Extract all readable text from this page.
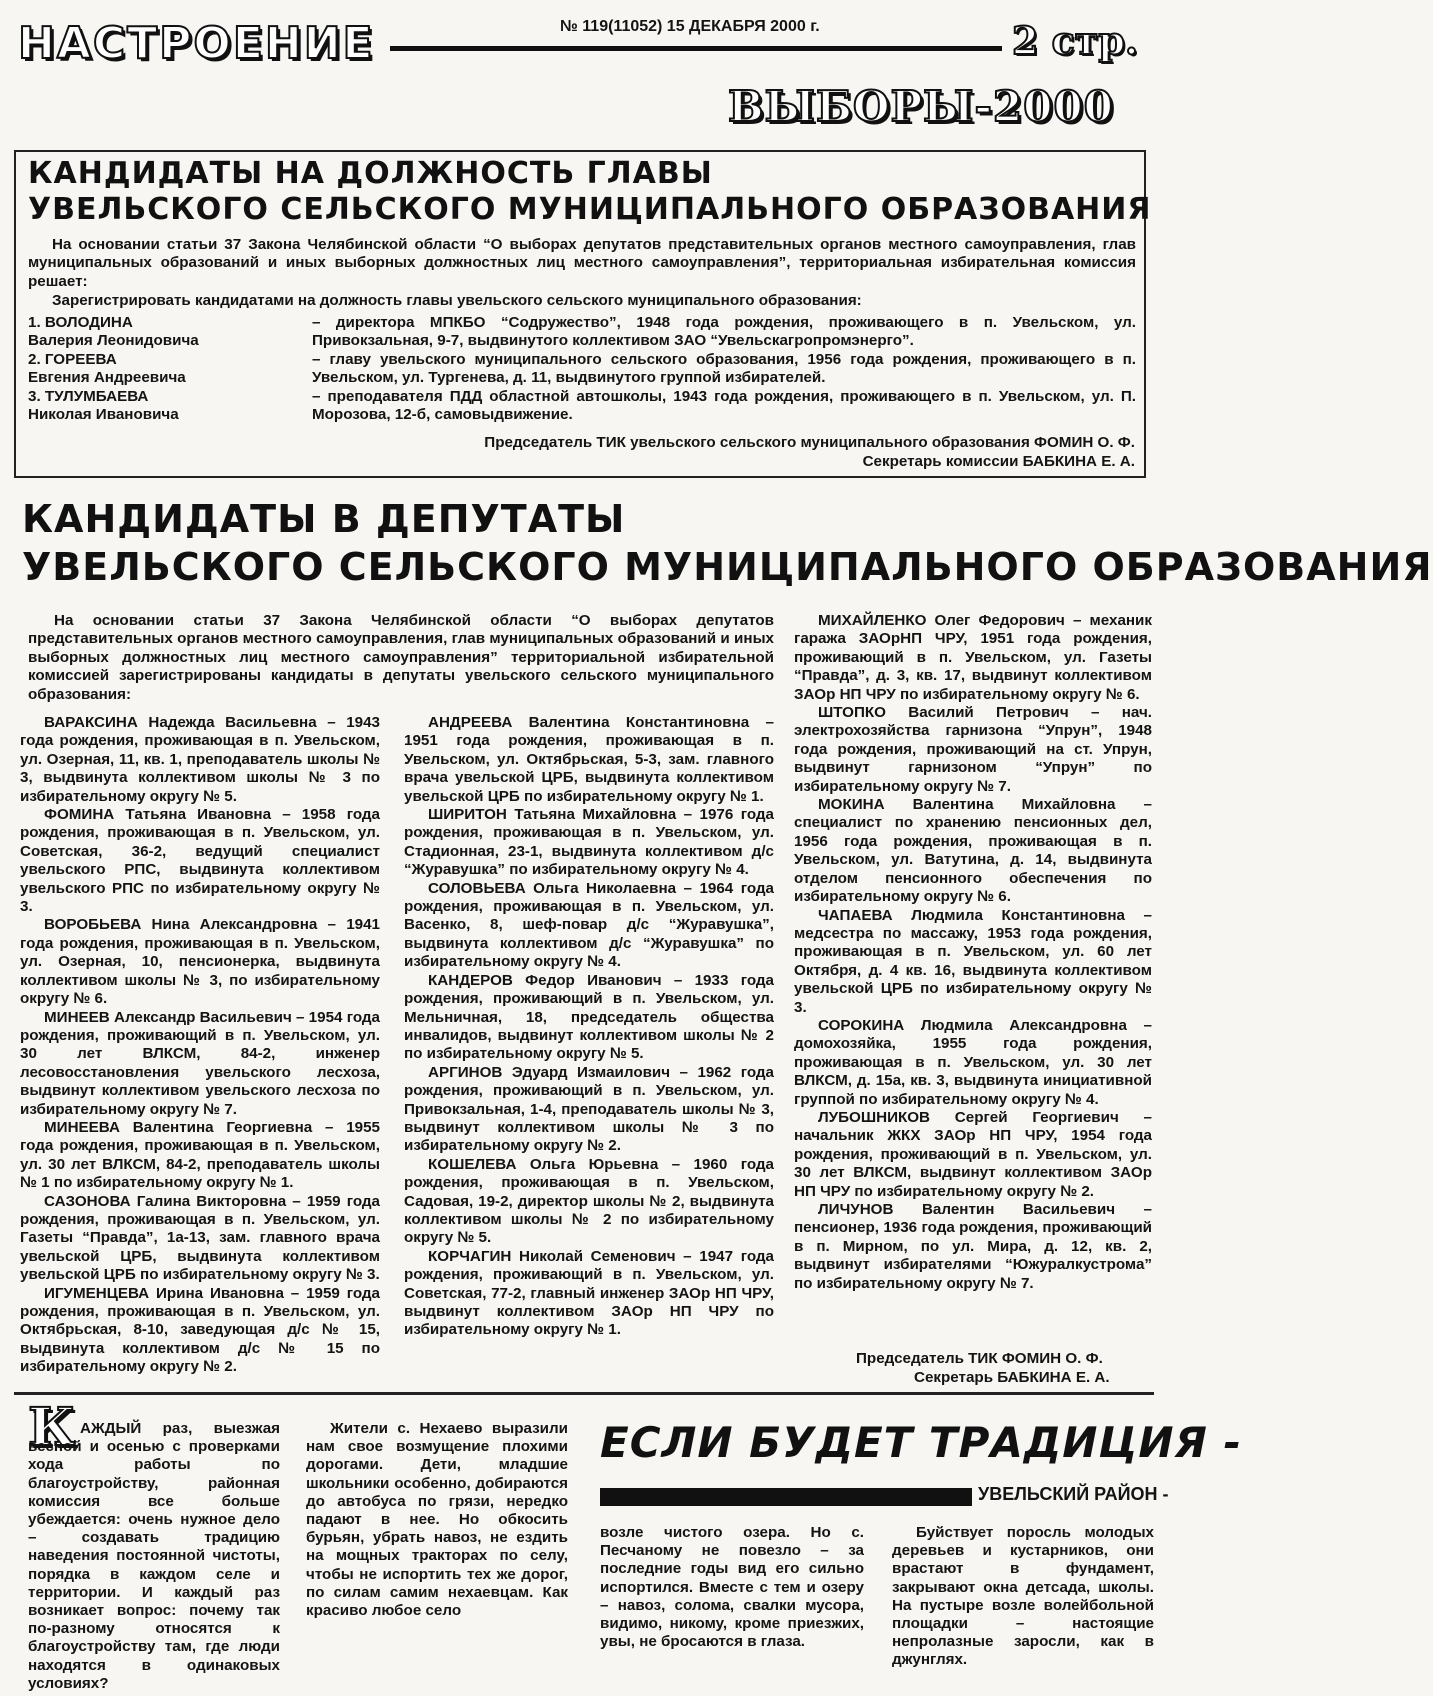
НАСТРОЕНИЕ	№ 119(11052) 15 ДЕКАБРЯ 2000 г.	2 стр.
ВЫБОРЫ-2000
КАНДИДАТЫ НА ДОЛЖНОСТЬ ГЛАВЫ
УВЕЛЬСКОГО СЕЛЬСКОГО МУНИЦИПАЛЬНОГО ОБРАЗОВАНИЯ
На основании статьи 37 Закона Челябинской области “О выборах депутатов представительных органов местного самоуправления, глав муниципальных образований и иных выборных должностных лиц местного самоуправления”, территориальная избирательная комиссия решает:
Зарегистрировать кандидатами на должность главы увельского сельского муниципального образования:
1. ВОЛОДИНА
Валерия Леонидовича
– директора МПКБО “Содружество”, 1948 года рождения, проживающего в п. Увельском, ул. Привокзальная, 9-7, выдвинутого коллективом ЗАО “Увельскагропромэнерго”.
2. ГОРЕЕВА
Евгения Андреевича
– главу увельского муниципального сельского образования, 1956 года рождения, проживающего в п. Увельском, ул. Тургенева, д. 11, выдвинутого группой избирателей.
3. ТУЛУМБАЕВА
Николая Ивановича
– преподавателя ПДД областной автошколы, 1943 года рождения, проживающего в п. Увельском, ул. П. Морозова, 12-б, самовыдвижение.
Председатель ТИК увельского сельского муниципального образования ФОМИН О. Ф.
Секретарь комиссии БАБКИНА Е. А.
КАНДИДАТЫ В ДЕПУТАТЫ
УВЕЛЬСКОГО СЕЛЬСКОГО МУНИЦИПАЛЬНОГО ОБРАЗОВАНИЯ
На основании статьи 37 Закона Челябинской области “О выборах депутатов представительных органов местного самоуправления, глав муниципальных образований и иных выборных должностных лиц местного самоуправления” территориальной избирательной комиссией зарегистрированы кандидаты в депутаты увельского сельского муниципального образования:

ВАРАКСИНА Надежда Васильевна – 1943 года рождения, проживающая в п. Увельском, ул. Озерная, 11, кв. 1, преподаватель школы № 3, выдвинута коллективом школы № 3 по избирательному округу № 5.

ФОМИНА Татьяна Ивановна – 1958 года рождения, проживающая в п. Увельском, ул. Советская, 36-2, ведущий специалист увельского РПС, выдвинута коллективом увельского РПС по избирательному округу № 3.

ВОРОБЬЕВА Нина Александровна – 1941 года рождения, проживающая в п. Увельском, ул. Озерная, 10, пенсионерка, выдвинута коллективом школы № 3, по избирательному округу № 6.

МИНЕЕВ Александр Васильевич – 1954 года рождения, проживающий в п. Увельском, ул. 30 лет ВЛКСМ, 84-2, инженер лесовосстановления увельского лесхоза, выдвинут коллективом увельского лесхоза по избирательному округу № 7.

МИНЕЕВА Валентина Георгиевна – 1955 года рождения, проживающая в п. Увельском, ул. 30 лет ВЛКСМ, 84-2, преподаватель школы № 1 по избирательному округу № 1.

САЗОНОВА Галина Викторовна – 1959 года рождения, проживающая в п. Увельском, ул. Газеты “Правда”, 1а-13, зам. главного врача увельской ЦРБ, выдвинута коллективом увельской ЦРБ по избирательному округу № 3.

ИГУМЕНЦЕВА Ирина Ивановна – 1959 года рождения, проживающая в п. Увельском, ул. Октябрьская, 8-10, заведующая д/с № 15, выдвинута коллективом д/с № 15 по избирательному округу № 2.

АНДРЕЕВА Валентина Константиновна – 1951 года рождения, проживающая в п. Увельском, ул. Октябрьская, 5-3, зам. главного врача увельской ЦРБ, выдвинута коллективом увельской ЦРБ по избирательному округу № 1.

ШИРИТОН Татьяна Михайловна – 1976 года рождения, проживающая в п. Увельском, ул. Стадионная, 23-1, выдвинута коллективом д/с “Журавушка” по избирательному округу № 4.

СОЛОВЬЕВА Ольга Николаевна – 1964 года рождения, проживающая в п. Увельском, ул. Васенко, 8, шеф-повар д/с “Журавушка”, выдвинута коллективом д/с “Журавушка” по избирательному округу № 4.

КАНДЕРОВ Федор Иванович – 1933 года рождения, проживающий в п. Увельском, ул. Мельничная, 18, председатель общества инвалидов, выдвинут коллективом школы № 2 по избирательному округу № 5.

АРГИНОВ Эдуард Измаилович – 1962 года рождения, проживающий в п. Увельском, ул. Привокзальная, 1-4, преподаватель школы № 3, выдвинут коллективом школы № 3 по избирательному округу № 2.

КОШЕЛЕВА Ольга Юрьевна – 1960 года рождения, проживающая в п. Увельском, Садовая, 19-2, директор школы № 2, выдвинута коллективом школы № 2 по избирательному округу № 5.

КОРЧАГИН Николай Семенович – 1947 года рождения, проживающий в п. Увельском, ул. Советская, 77-2, главный инженер ЗАОр НП ЧРУ, выдвинут коллективом ЗАОр НП ЧРУ по избирательному округу № 1.

МИХАЙЛЕНКО Олег Федорович – механик гаража ЗАОрНП ЧРУ, 1951 года рождения, проживающий в п. Увельском, ул. Газеты “Правда”, д. 3, кв. 17, выдвинут коллективом ЗАОр НП ЧРУ по избирательному округу № 6.

ШТОПКО Василий Петрович – нач. электрохозяйства гарнизона “Упрун”, 1948 года рождения, проживающий на ст. Упрун, выдвинут гарнизоном “Упрун” по избирательному округу № 7.

МОКИНА Валентина Михайловна – специалист по хранению пенсионных дел, 1956 года рождения, проживающая в п. Увельском, ул. Ватутина, д. 14, выдвинута отделом пенсионного обеспечения по избирательному округу № 6.

ЧАПАЕВА Людмила Константиновна – медсестра по массажу, 1953 года рождения, проживающая в п. Увельском, ул. 60 лет Октября, д. 4 кв. 16, выдвинута коллективом увельской ЦРБ по избирательному округу № 3.

СОРОКИНА Людмила Александровна – домохозяйка, 1955 года рождения, проживающая в п. Увельском, ул. 30 лет ВЛКСМ, д. 15а, кв. 3, выдвинута инициативной группой по избирательному округу № 4.

ЛУБОШНИКОВ Сергей Георгиевич – начальник ЖКХ ЗАОр НП ЧРУ, 1954 года рождения, проживающий в п. Увельском, ул. 30 лет ВЛКСМ, выдвинут коллективом ЗАОр НП ЧРУ по избирательному округу № 2.

ЛИЧУНОВ Валентин Васильевич – пенсионер, 1936 года рождения, проживающий в п. Мирном, по ул. Мира, д. 12, кв. 2, выдвинут избирателями “Южуралкустрома” по избирательному округу № 7.

Председатель ТИК ФОМИН О. Ф.
Секретарь БАБКИНА Е. А.
К АЖДЫЙ раз, выезжая весной и осенью с проверками хода работы по благоустройству, районная комиссия все больше убеждается: очень нужное дело – создавать традицию наведения постоянной чистоты, порядка в каждом селе и территории. И каждый раз возникает вопрос: почему так по-разному относятся к благоустройству там, где люди находятся в одинаковых условиях?
Жители с. Нехаево выразили нам свое возмущение плохими дорогами. Дети, младшие школьники особенно, добираются до автобуса по грязи, нередко падают в нее. Но обкосить бурьян, убрать навоз, не ездить на мощных тракторах по селу, чтобы не испортить тех же дорог, по силам самим нехаевцам. Как красиво любое село
ЕСЛИ БУДЕТ ТРАДИЦИЯ -
УВЕЛЬСКИЙ РАЙОН -
возле чистого озера. Но с. Песчаному не повезло – за последние годы вид его сильно испортился. Вместе с тем и озеру – навоз, солома, свалки мусора, видимо, никому, кроме приезжих, увы, не бросаются в глаза.
Буйствует поросль молодых деревьев и кустарников, они врастают в фундамент, закрывают окна детсада, школы. На пустыре возле волейбольной площадки – настоящие непролазные заросли, как в джунглях.
